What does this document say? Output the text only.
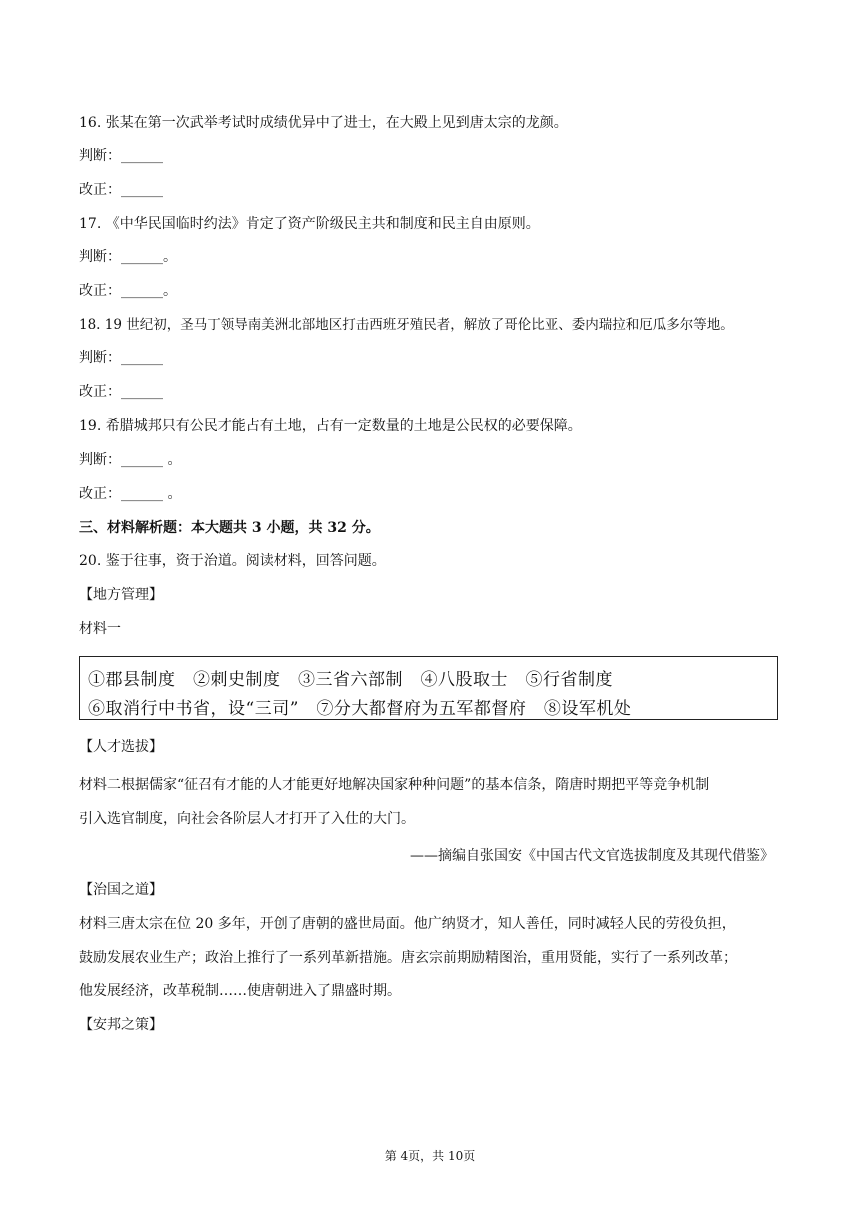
16. 张某在第一次武举考试时成绩优异中了进士，在大殿上见到唐太宗的龙颜。
判断：______
改正：______
17. 《中华民国临时约法》肯定了资产阶级民主共和制度和民主自由原则。
判断：______。
改正：______。
18. 19 世纪初，圣马丁领导南美洲北部地区打击西班牙殖民者，解放了哥伦比亚、委内瑞拉和厄瓜多尔等地。
判断：______
改正：______
19. 希腊城邦只有公民才能占有土地，占有一定数量的土地是公民权的必要保障。
判断：______ 。
改正：______ 。
三、材料解析题：本大题共 3 小题，共 32 分。
20. 鉴于往事，资于治道。阅读材料，回答问题。
【地方管理】
材料一
①郡县制度　②刺史制度　③三省六部制　④八股取士　⑤行省制度
⑥取消行中书省，设“三司”　⑦分大都督府为五军都督府　⑧设军机处
【人才选拔】
材料二根据儒家“征召有才能的人才能更好地解决国家种种问题”的基本信条，隋唐时期把平等竞争机制
引入选官制度，向社会各阶层人才打开了入仕的大门。
——摘编自张国安《中国古代文官选拔制度及其现代借鉴》
【治国之道】
材料三唐太宗在位 20 多年，开创了唐朝的盛世局面。他广纳贤才，知人善任，同时减轻人民的劳役负担，
鼓励发展农业生产；政治上推行了一系列革新措施。唐玄宗前期励精图治，重用贤能，实行了一系列改革；
他发展经济，改革税制……使唐朝进入了鼎盛时期。
【安邦之策】
第 4页，共 10页
